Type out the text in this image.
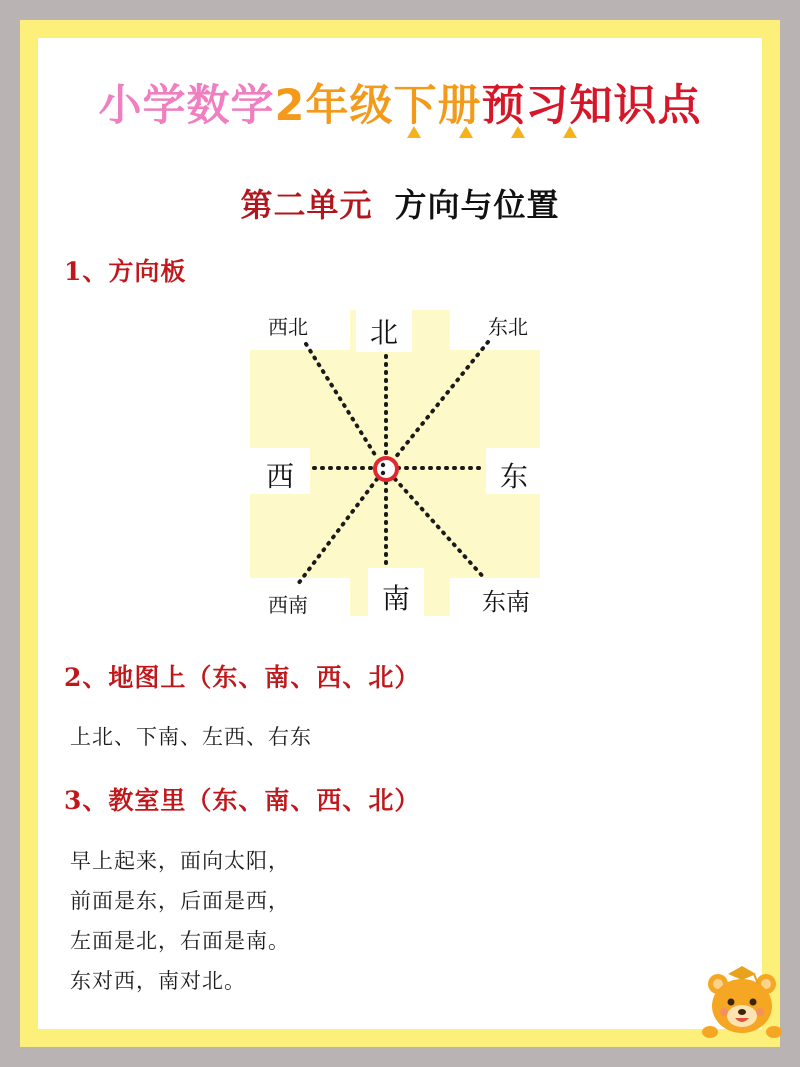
小学数学2年级下册预习知识点
第二单元 方向与位置
1、方向板
北
南
西	东
西北	东北
西南	东南
2、地图上（东、南、西、北）
上北、下南、左西、右东
3、教室里（东、南、西、北）
早上起来，面向太阳，
前面是东，后面是西，
左面是北，右面是南。
东对西，南对北。
